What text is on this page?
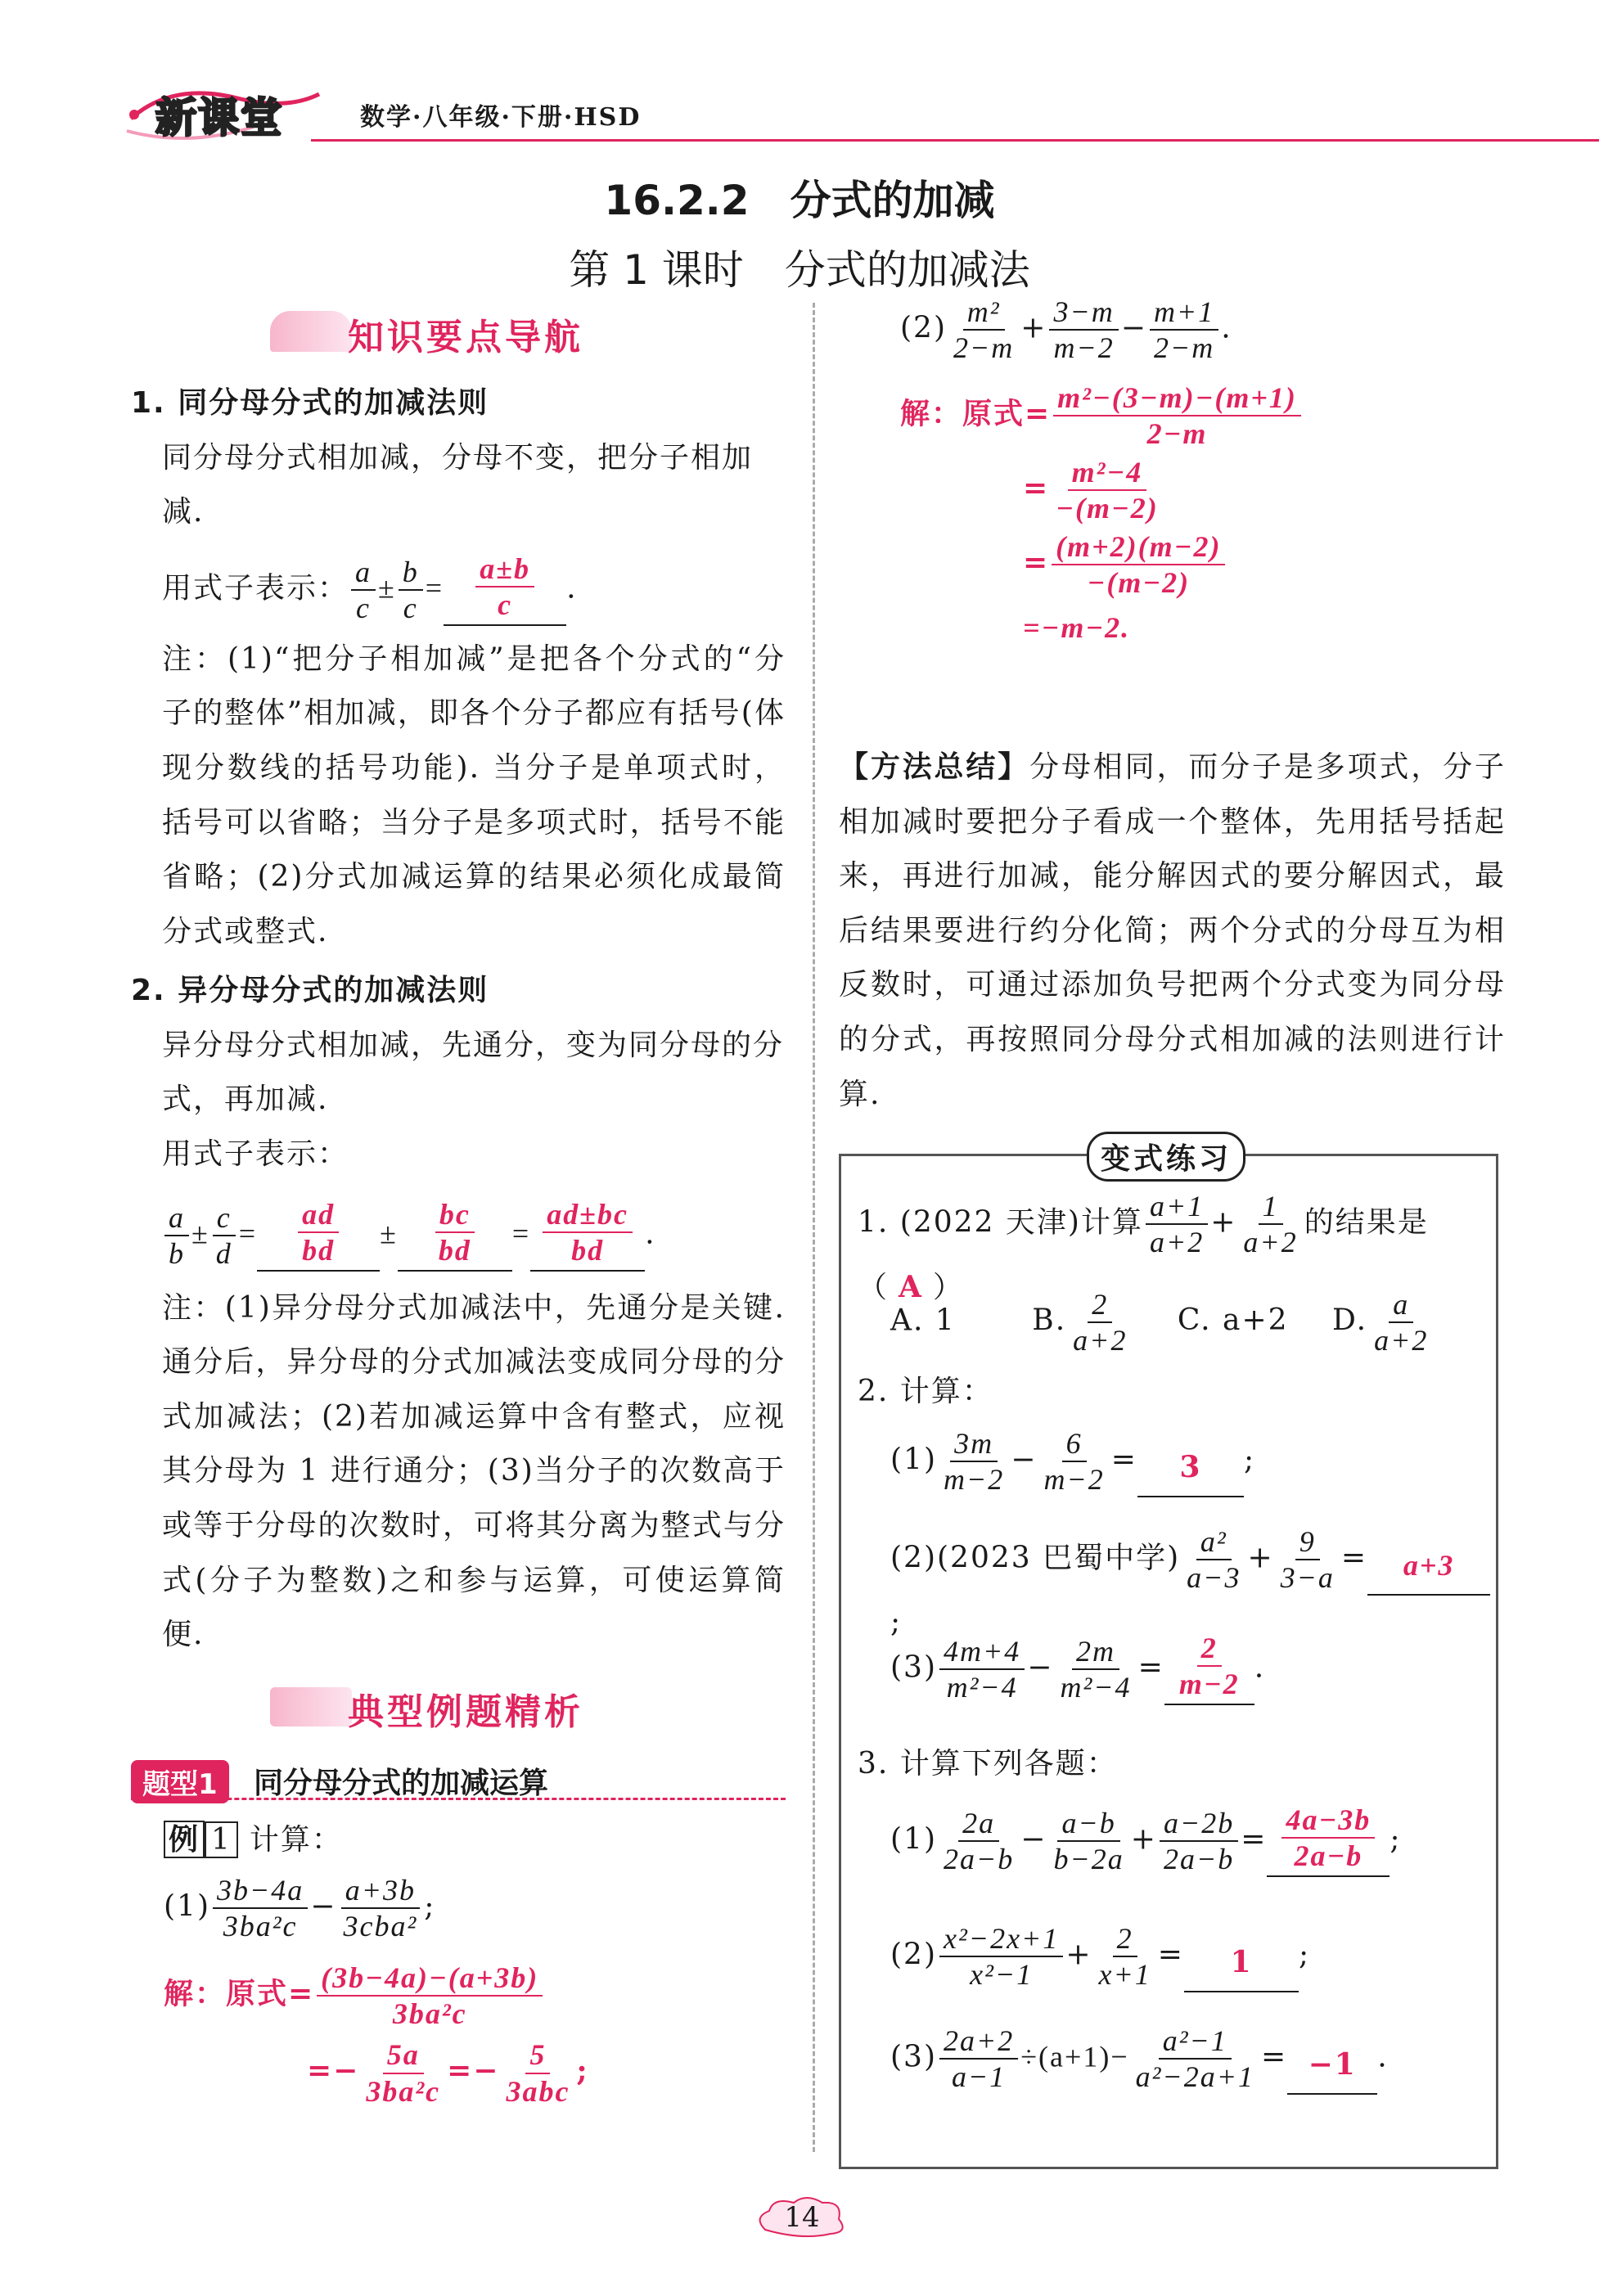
新课堂	数学·八年级·下册·HSD
16.2.2　分式的加减
第 1 课时　分式的加减法
知识要点导航
1. 同分母分式的加减法则
同分母分式相加减，分母不变，把分子相加减.
用式子表示： $\frac{a}{c} \pm \frac{b}{c} = \frac{a\pm b}{c}$ .
注：(1)“把分子相加减”是把各个分式的“分子的整体”相加减，即各个分子都应有括号(体现分数线的括号功能). 当分子是单项式时，括号可以省略；当分子是多项式时，括号不能省略；(2)分式加减运算的结果必须化成最简分式或整式.
2. 异分母分式的加减法则
异分母分式相加减，先通分，变为同分母的分式，再加减.
用式子表示：
$\frac{a}{b} \pm \frac{c}{d} = \frac{ad}{bd} \pm \frac{bc}{bd} = \frac{ad\pm bc}{bd}$ .
注：(1)异分母分式加减法中，先通分是关键. 通分后，异分母的分式加减法变成同分母的分式加减法；(2)若加减运算中含有整式，应视其分母为 1 进行通分；(3)当分子的次数高于或等于分母的次数时，可将其分离为整式与分式(分子为整数)之和参与运算，可使运算简便.
典型例题精析
题型1	同分母分式的加减运算
例 1 计算：
$(1) \frac{3b-4a}{\text{3ba²c}} - a+3b$
3cba²
;
解：原式= $\frac{(3b-4a)-(a+3b)}{\text{3ba²c}}$
=− $\frac{5a}{\text{3ba²c}} =- 5$
3abc
;
$(2) \frac{\text{m²}}{2-m} + \frac{3-m}{m-2} - \frac{m+1}{2-m}$ .
解：原式= $\frac{\text{m²−(3−m)−(m+1)}}{2-m}$
= $\frac{\text{m²−4}}{-(m-2)}$
= $\frac{(m+2)(m-2)}{-(m-2)}$
=−m−2.
【方法总结】分母相同，而分子是多项式，分子相加减时要把分子看成一个整体，先用括号括起来，再进行加减，能分解因式的要分解因式，最后结果要进行约分化简；两个分式的分母互为相反数时，可通过添加负号把两个分式变为同分母的分式，再按照同分母分式相加减的法则进行计算.
变式练习
1. (2022 天津)计算 $\frac{a+1}{a+2} + \frac{1}{a+2}$ 的结果是（ A ）
A. 1	B. $\frac{2}{a+2} C$. a+2 D. $\frac{a}{a+2}$
2. 计算：
$(1) \frac{3m}{m-2} - \frac{6}{m-2} = 3$ ;
(2)(2023 巴蜀中学) $\frac{\text{a²}}{a-3} + \frac{9}{3-a} = a+3$;
$(3) \frac{4m+4}{\text{m²−4}} - \frac{2m}{\text{m²−4}} = \frac{2}{m-2}$ .
3. 计算下列各题：
$(1) \frac{2a}{2a-b} - \frac{a-b}{b-2a} + \frac{a-2b}{2a-b} = \frac{4a-3b}{2a-b}$ ;
$(2) \frac{\text{x²−2x+1}}{\text{x²−1}} + \frac{2}{x+1} = 1$ ;
$(3) \frac{2a+2}{a-1} \div(a+1)- \frac{\text{a²−1}}{\text{a²−2a+1}} = -1$ .
14
